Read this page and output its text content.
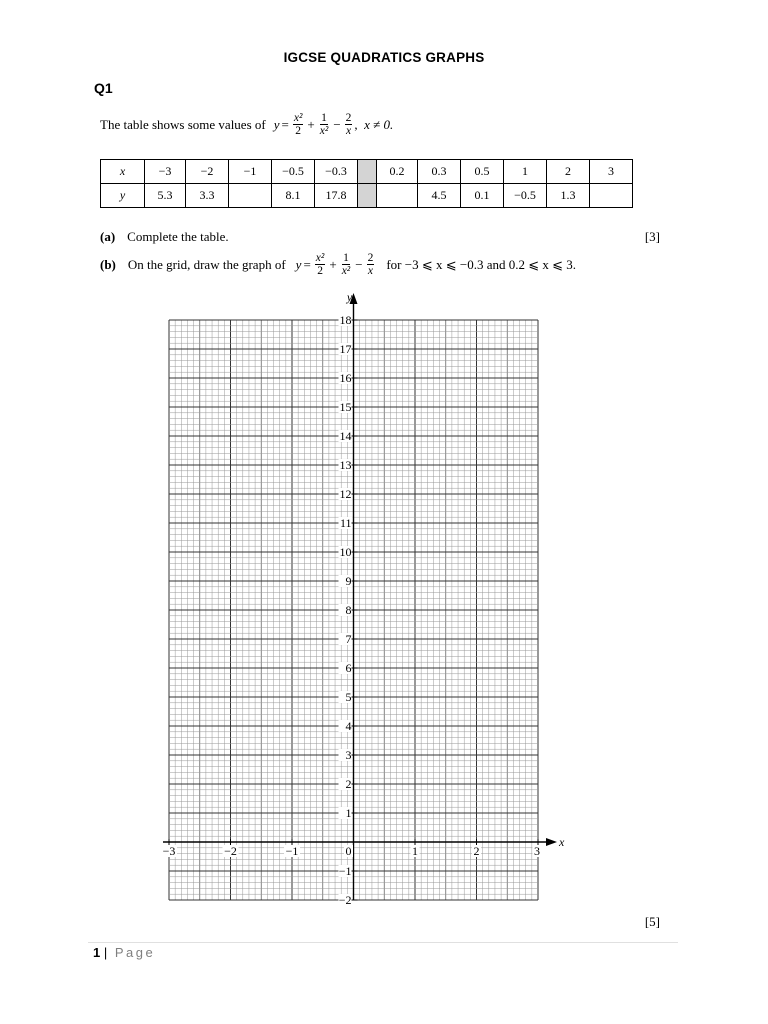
IGCSE QUADRATICS GRAPHS
Q1
The table shows some values of $y = \frac{\text{x²}}{2} + \frac{1}{\text{x²}} - \frac{2}{x}$ , x ≠ 0.
x	−3	−2	−1	−0.5	−0.3		0.2	0.3	0.5	1	2	3
y	5.3	3.3		8.1	17.8			4.5	0.1	−0.5	1.3	
(a) Complete the table.	[3]
(b) On the grid, draw the graph of $y = \frac{\text{x²}}{2} + \frac{1}{\text{x²}} - \frac{2}{x}$ for −3 ⩽ x ⩽ −0.3 and 0.2 ⩽ x ⩽ 3.
y
x
−2
−1
1
2
3
4
5
6
7
8
9
10
11
12
13
14
15
16
17
18
−3	−2	−1	0	1	2	3
[5]
1 | Page
